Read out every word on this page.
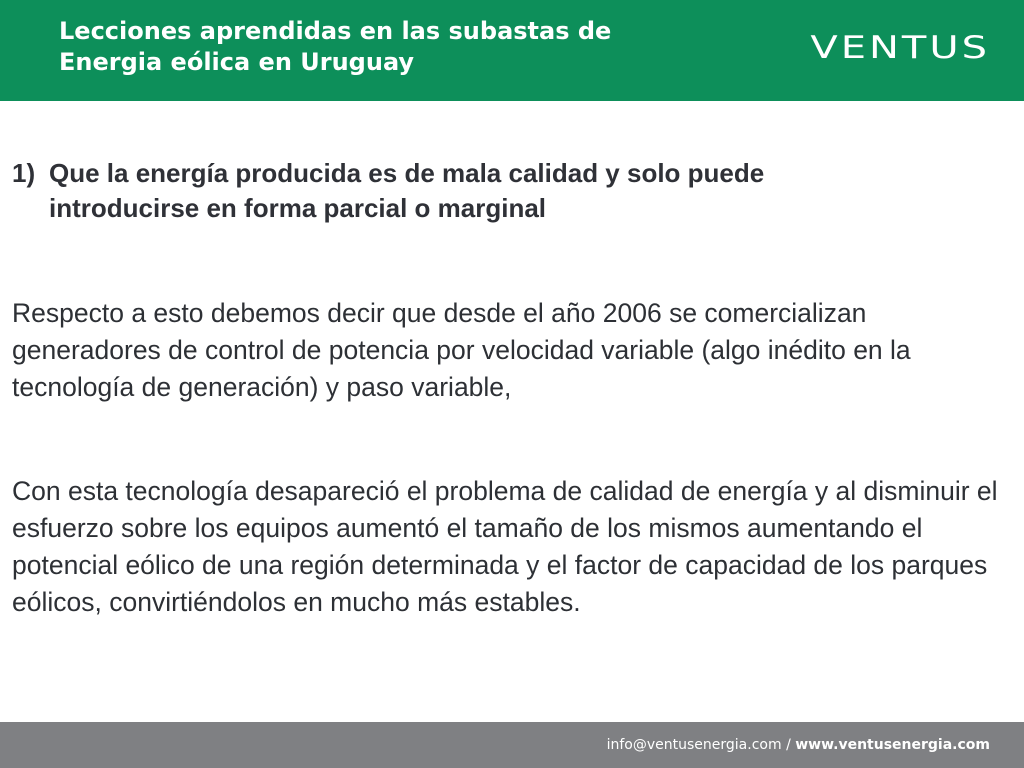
Lecciones aprendidas en las subastas de
Energia eólica en Uruguay	VENTUS

1) Que la energía producida es de mala calidad y solo puede introducirse en forma parcial o marginal

Respecto a esto debemos decir que desde el año 2006 se comercializan generadores de control de potencia por velocidad variable (algo inédito en la tecnología de generación) y paso variable,

Con esta tecnología desapareció el problema de calidad de energía y al disminuir el esfuerzo sobre los equipos aumentó el tamaño de los mismos aumentando el potencial eólico de una región determinada y el factor de capacidad de los parques eólicos, convirtiéndolos en mucho más estables.

info@ventusenergia.com / www.ventusenergia.com
